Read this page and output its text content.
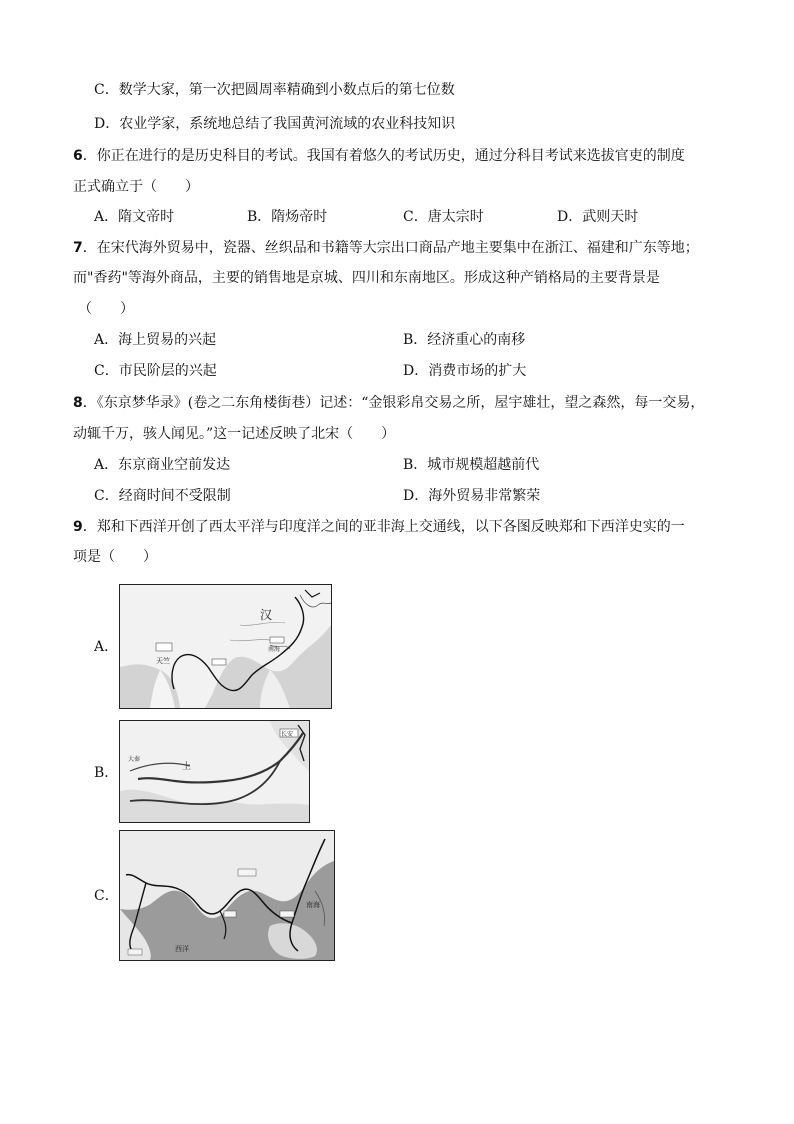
C．数学大家，第一次把圆周率精确到小数点后的第七位数
D．农业学家，系统地总结了我国黄河流域的农业科技知识
6．你正在进行的是历史科目的考试。我国有着悠久的考试历史，通过分科目考试来选拔官吏的制度
正式确立于（　　）
A．隋文帝时	B．隋炀帝时	C．唐太宗时	D．武则天时
7．在宋代海外贸易中，瓷器、丝织品和书籍等大宗出口商品产地主要集中在浙江、福建和广东等地；
而"香药"等海外商品，主要的销售地是京城、四川和东南地区。形成这种产销格局的主要背景是
（　　）
A．海上贸易的兴起	B．经济重心的南移
C．市民阶层的兴起	D．消费市场的扩大
8．《东京梦华录》(卷之二东角楼街巷）记述：“金银彩帛交易之所，屋宇雄壮，望之森然，每一交易，
动辄千万，骇人闻见。”这一记述反映了北宋（　　）
A．东京商业空前发达	B．城市规模超越前代
C．经商时间不受限制	D．海外贸易非常繁荣
9．郑和下西洋开创了西太平洋与印度洋之间的亚非海上交通线，以下各图反映郑和下西洋史实的一
项是（　　）
A．
汉
天竺
南海
B．
长安
上
大秦
C．
西洋
南海
